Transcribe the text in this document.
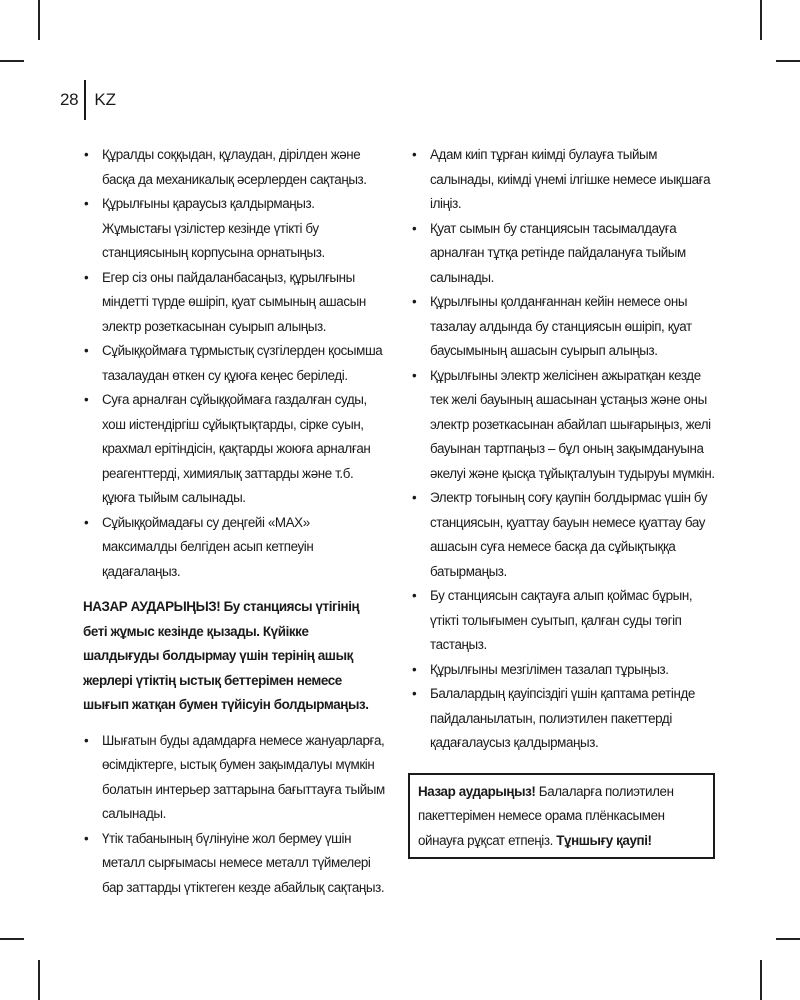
28 KZ
• Құралды соққыдан, құлаудан, дірілден және басқа да механикалық әсерлерден сақтаңыз.
• Құрылғыны қараусыз қалдырмаңыз. Жұмыстағы үзілістер кезінде үтікті бу станциясының корпусына орнатыңыз.
• Егер сіз оны пайдаланбасаңыз, құрылғыны міндетті түрде өшіріп, қуат сымының ашасын электр розеткасынан суырып алыңыз.
• Сұйыққоймаға тұрмыстық сүзгілерден қосымша тазалаудан өткен су құюға кеңес беріледі.
• Суға арналған сұйыққоймаға газдалған суды, хош иістендіргіш сұйықтықтарды, сірке суын, крахмал ерітіндісін, қақтарды жоюға арналған реагенттерді, химиялық заттарды және т.б. құюға тыйым салынады.
• Сұйыққоймадағы су деңгейі «MAX» максималды белгіден асып кетпеуін қадағалаңыз.

НАЗАР АУДАРЫҢЫЗ! Бу станциясы үтігінің беті жұмыс кезінде қызады. Күйікке шалдығуды болдырмау үшін терінің ашық жерлері үтіктің ыстық беттерімен немесе шығып жатқан бумен түйісуін болдырмаңыз.

• Шығатын буды адамдарға немесе жануарларға, өсімдіктерге, ыстық бумен зақымдалуы мүмкін болатын интерьер заттарына бағыттауға тыйым салынады.
• Үтік табанының бүлінуіне жол бермеу үшін металл сырғымасы немесе металл түймелері бар заттарды үтіктеген кезде абайлық сақтаңыз.
• Адам киіп тұрған киімді булауға тыйым салынады, киімді үнемі ілгішке немесе иықшаға іліңіз.
• Қуат сымын бу станциясын тасымалдауға арналған тұтқа ретінде пайдалануға тыйым салынады.
• Құрылғыны қолданғаннан кейін немесе оны тазалау алдында бу станциясын өшіріп, қуат баусымының ашасын суырып алыңыз.
• Құрылғыны электр желісінен ажыратқан кезде тек желі бауының ашасынан ұстаңыз және оны электр розеткасынан абайлап шығарыңыз, желі бауынан тартпаңыз – бұл оның зақымдануына әкелуі және қысқа тұйықталуын тудыруы мүмкін.
• Электр тоғының соғу қаупін болдырмас үшін бу станциясын, қуаттау бауын немесе қуаттау бау ашасын суға немесе басқа да сұйықтыққа батырмаңыз.
• Бу станциясын сақтауға алып қоймас бұрын, үтікті толығымен суытып, қалған суды төгіп тастаңыз.
• Құрылғыны мезгілімен тазалап тұрыңыз.
• Балалардың қауіпсіздігі үшін қаптама ретінде пайдаланылатын, полиэтилен пакеттерді қадағалаусыз қалдырмаңыз.
Назар аударыңыз! Балаларға полиэтилен пакеттерімен немесе орама плёнкасымен ойнауға рұқсат етпеңіз. Тұншығу қаупі!
